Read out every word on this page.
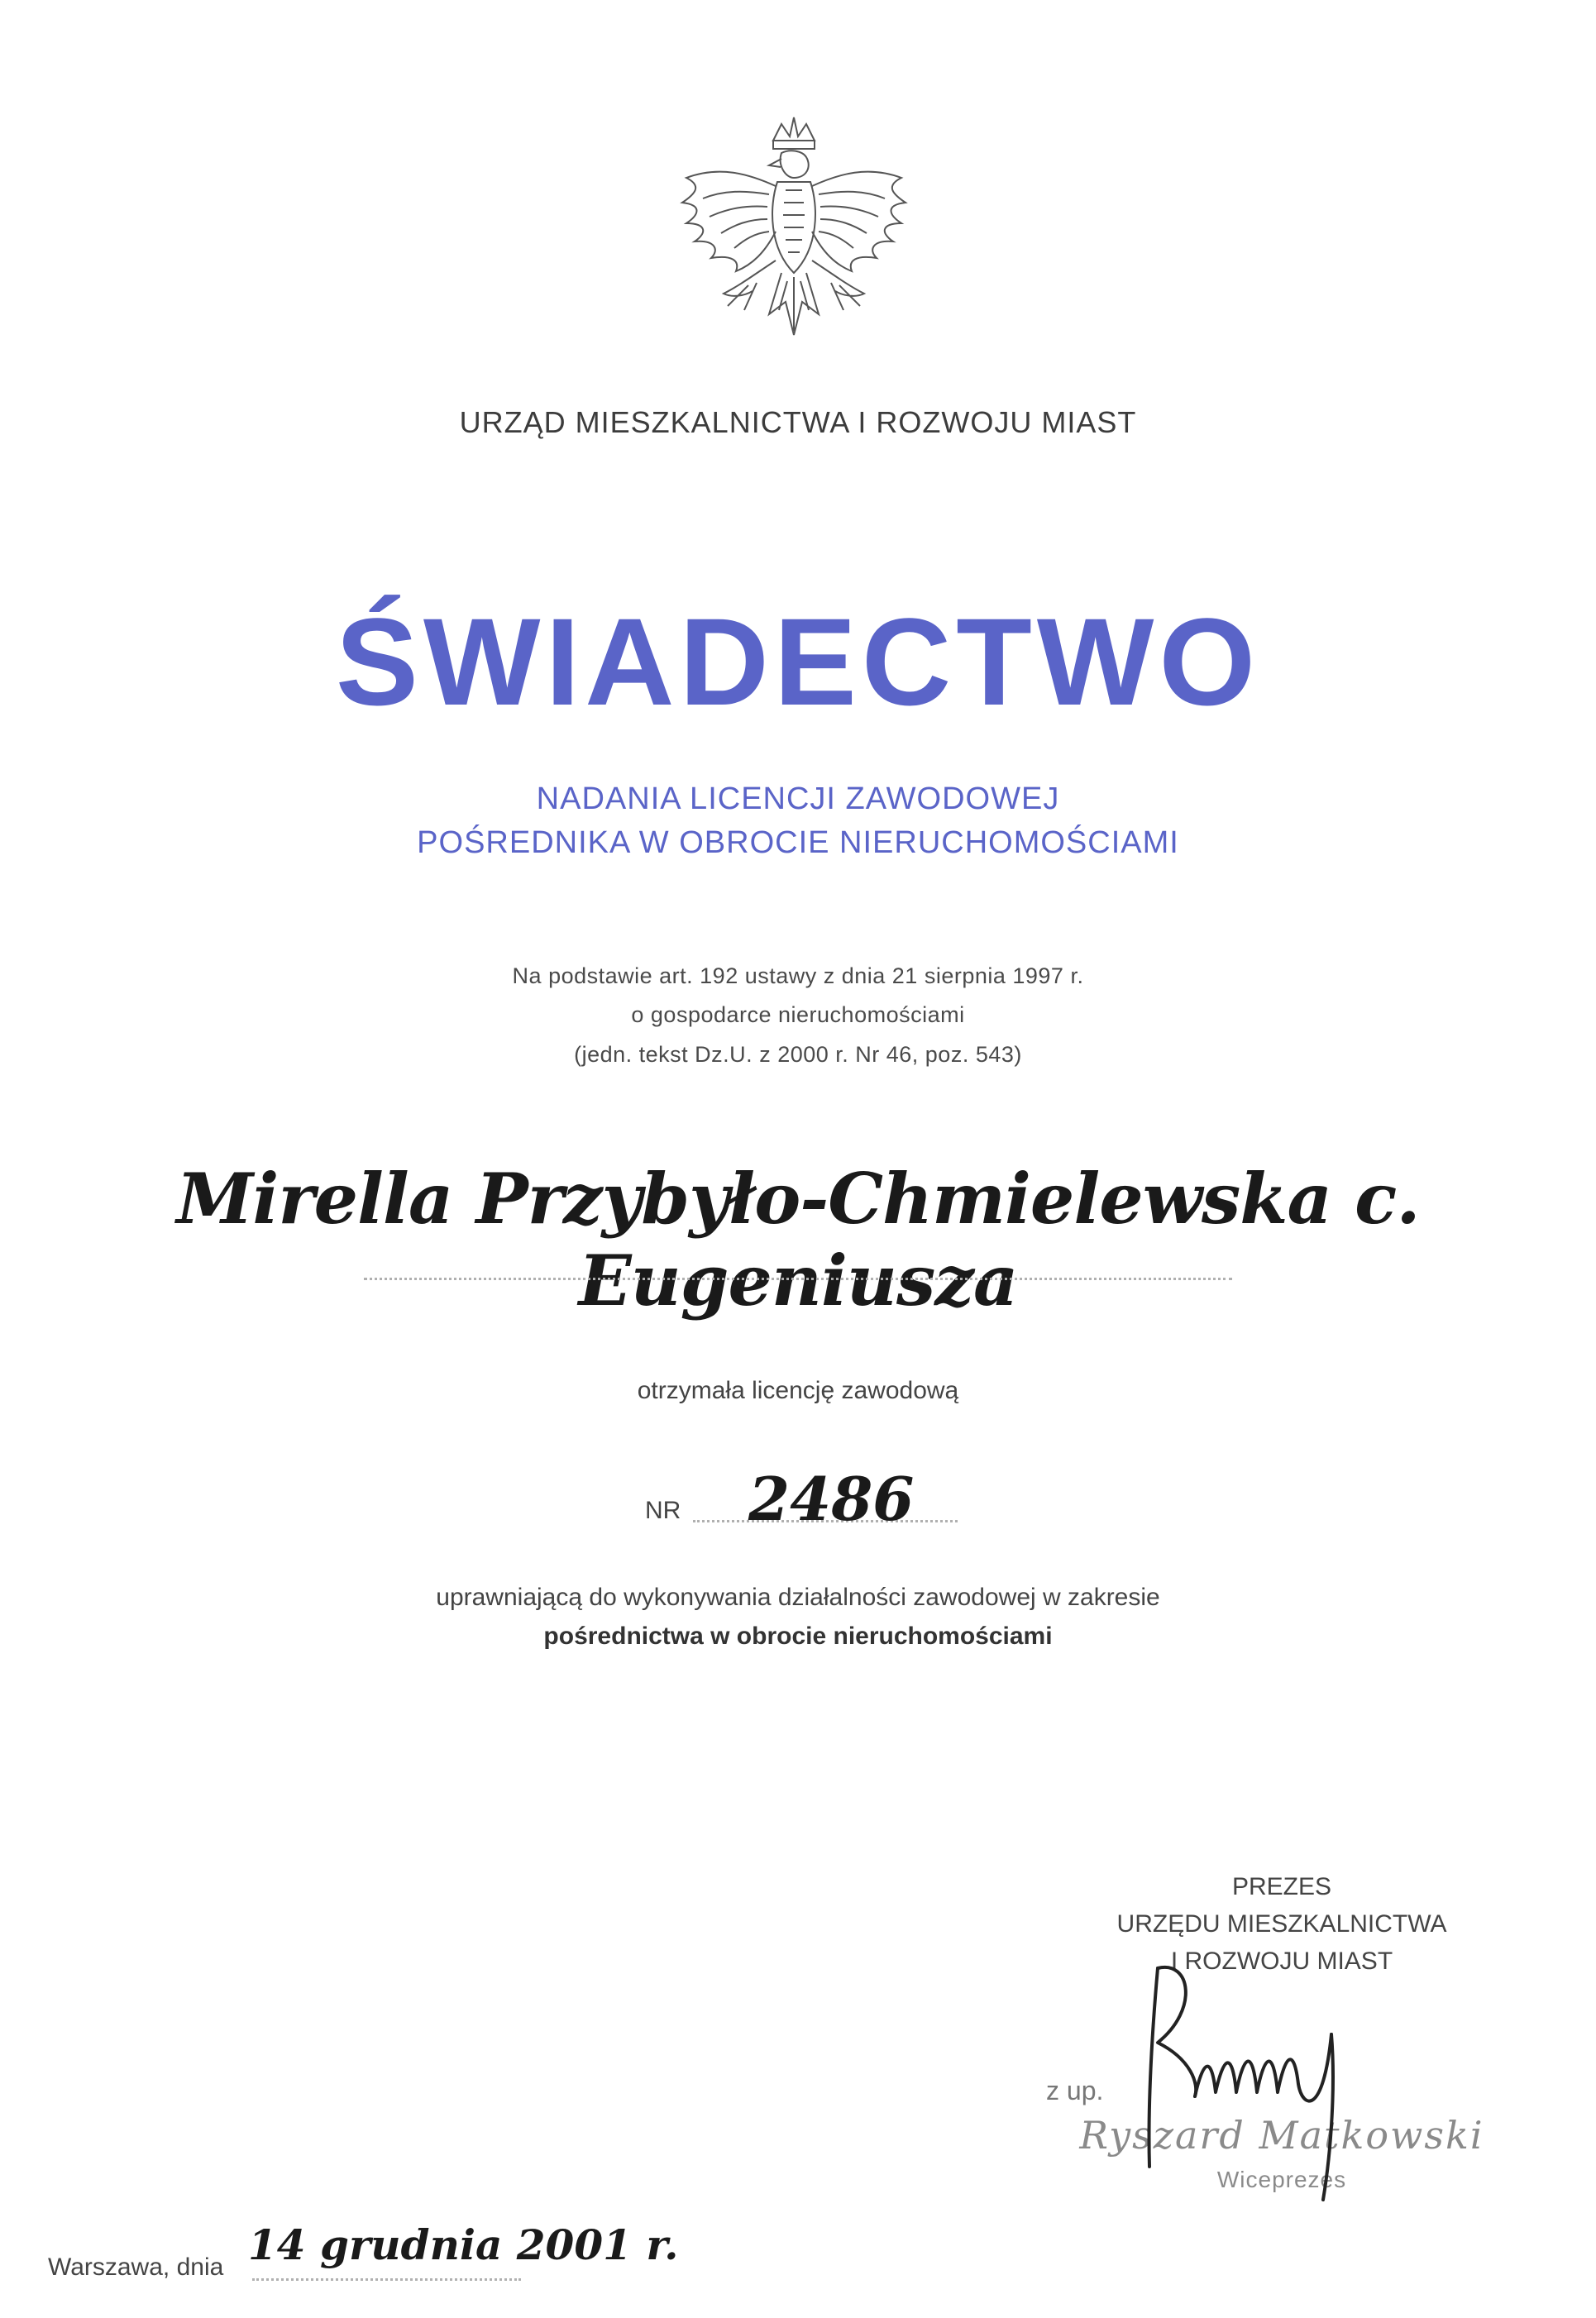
URZĄD MIESZKALNICTWA I ROZWOJU MIAST
ŚWIADECTWO
NADANIA LICENCJI ZAWODOWEJ
POŚREDNIKA W OBROCIE NIERUCHOMOŚCIAMI
Na podstawie art. 192 ustawy z dnia 21 sierpnia 1997 r.
o gospodarce nieruchomościami
(jedn. tekst Dz.U. z 2000 r. Nr 46, poz. 543)
Mirella Przybyło-Chmielewska c. Eugeniusza
otrzymała licencję zawodową
NR 2486
uprawniającą do wykonywania działalności zawodowej w zakresie
pośrednictwa w obrocie nieruchomościami
PREZES
URZĘDU MIESZKALNICTWA
I ROZWOJU MIAST
z up.
Ryszard Matkowski
Wiceprezes
Warszawa, dnia 14 grudnia 2001 r.
